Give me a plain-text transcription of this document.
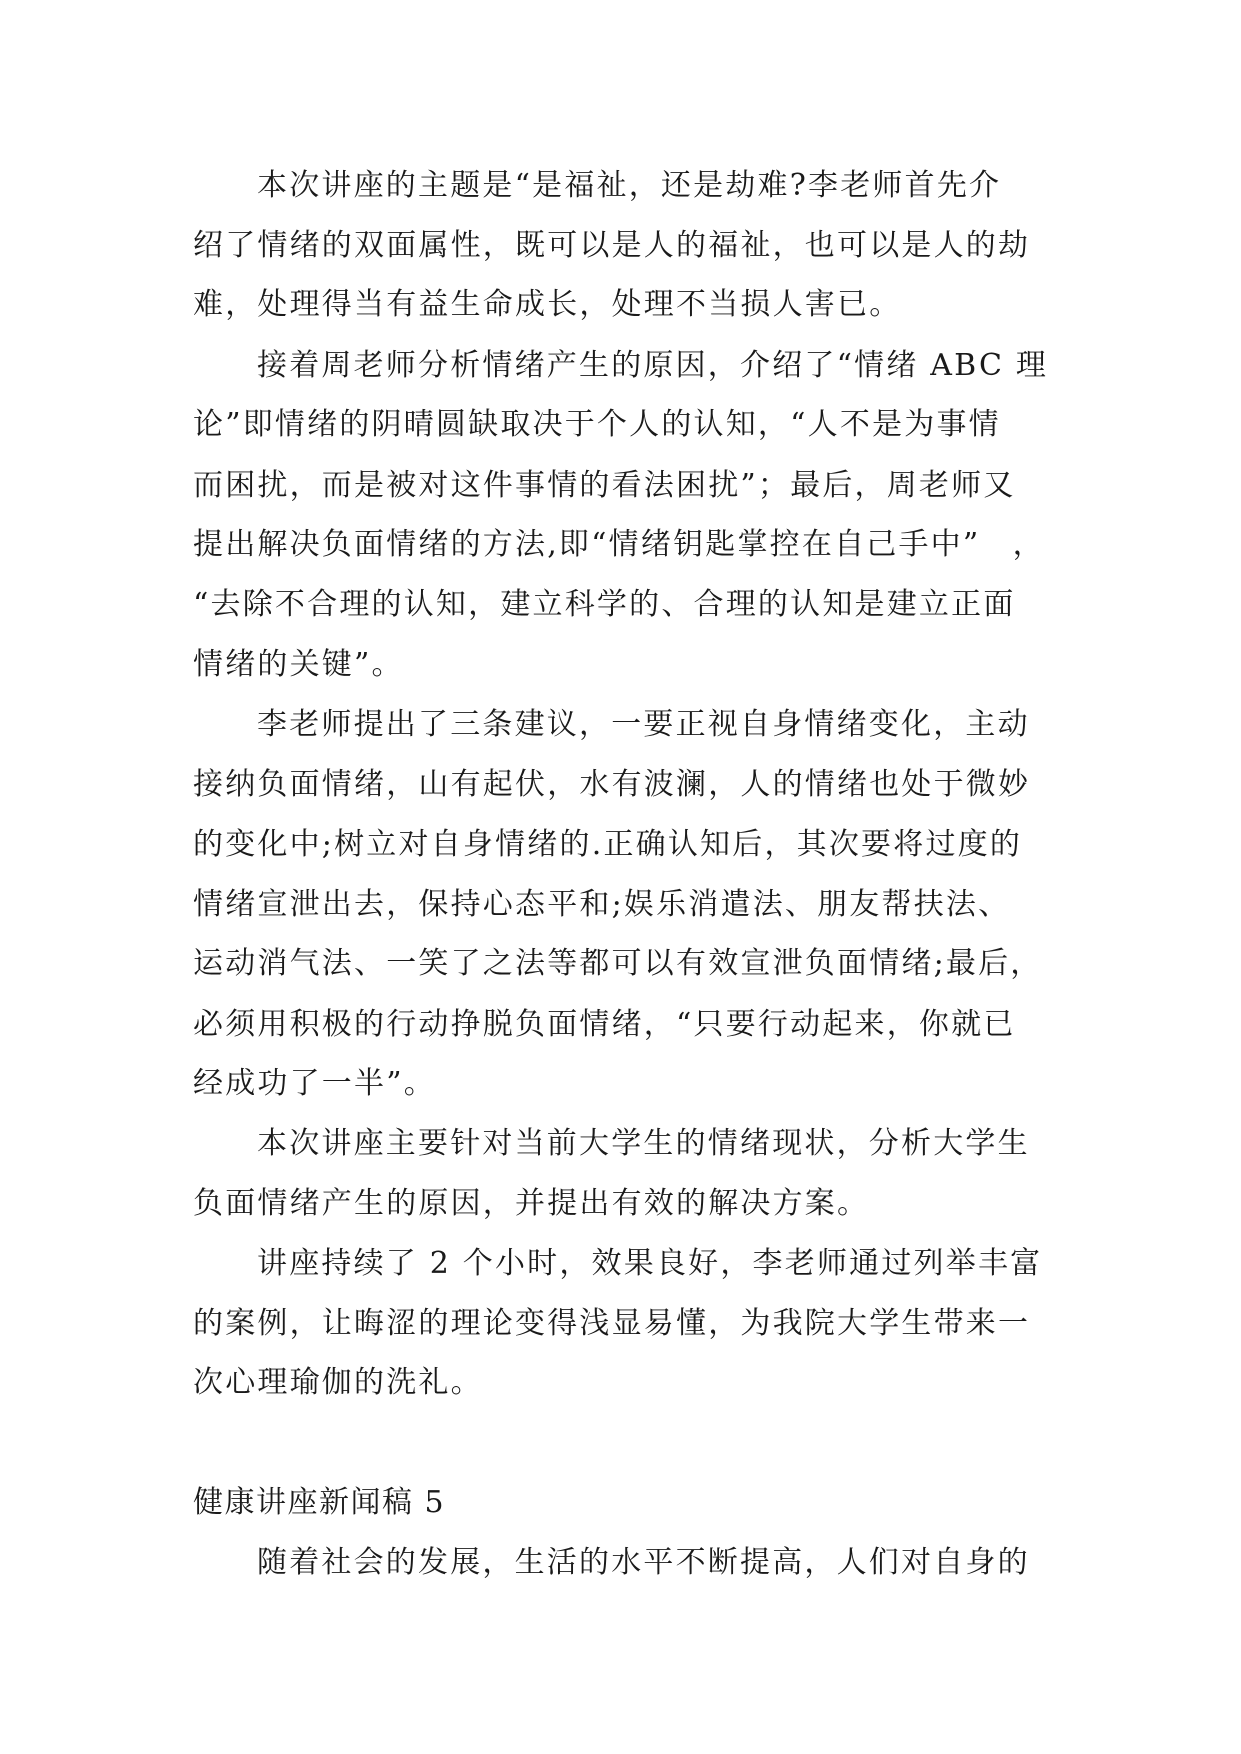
本次讲座的主题是“是福祉，还是劫难?李老师首先介
绍了情绪的双面属性，既可以是人的福祉，也可以是人的劫
难，处理得当有益生命成长，处理不当损人害已。
接着周老师分析情绪产生的原因，介绍了“情绪 ABC 理
论”即情绪的阴晴圆缺取决于个人的认知，“人不是为事情
而困扰，而是被对这件事情的看法困扰”；最后，周老师又
提出解决负面情绪的方法,即“情绪钥匙掌控在自己手中”　，
“去除不合理的认知，建立科学的、合理的认知是建立正面
情绪的关键”。
李老师提出了三条建议，一要正视自身情绪变化，主动
接纳负面情绪，山有起伏，水有波澜，人的情绪也处于微妙
的变化中;树立对自身情绪的.正确认知后，其次要将过度的
情绪宣泄出去，保持心态平和;娱乐消遣法、朋友帮扶法、
运动消气法、一笑了之法等都可以有效宣泄负面情绪;最后，
必须用积极的行动挣脱负面情绪，“只要行动起来，你就已
经成功了一半”。
本次讲座主要针对当前大学生的情绪现状，分析大学生
负面情绪产生的原因，并提出有效的解决方案。
讲座持续了 2 个小时，效果良好，李老师通过列举丰富
的案例，让晦涩的理论变得浅显易懂，为我院大学生带来一
次心理瑜伽的洗礼。
健康讲座新闻稿 5
随着社会的发展，生活的水平不断提高，人们对自身的
